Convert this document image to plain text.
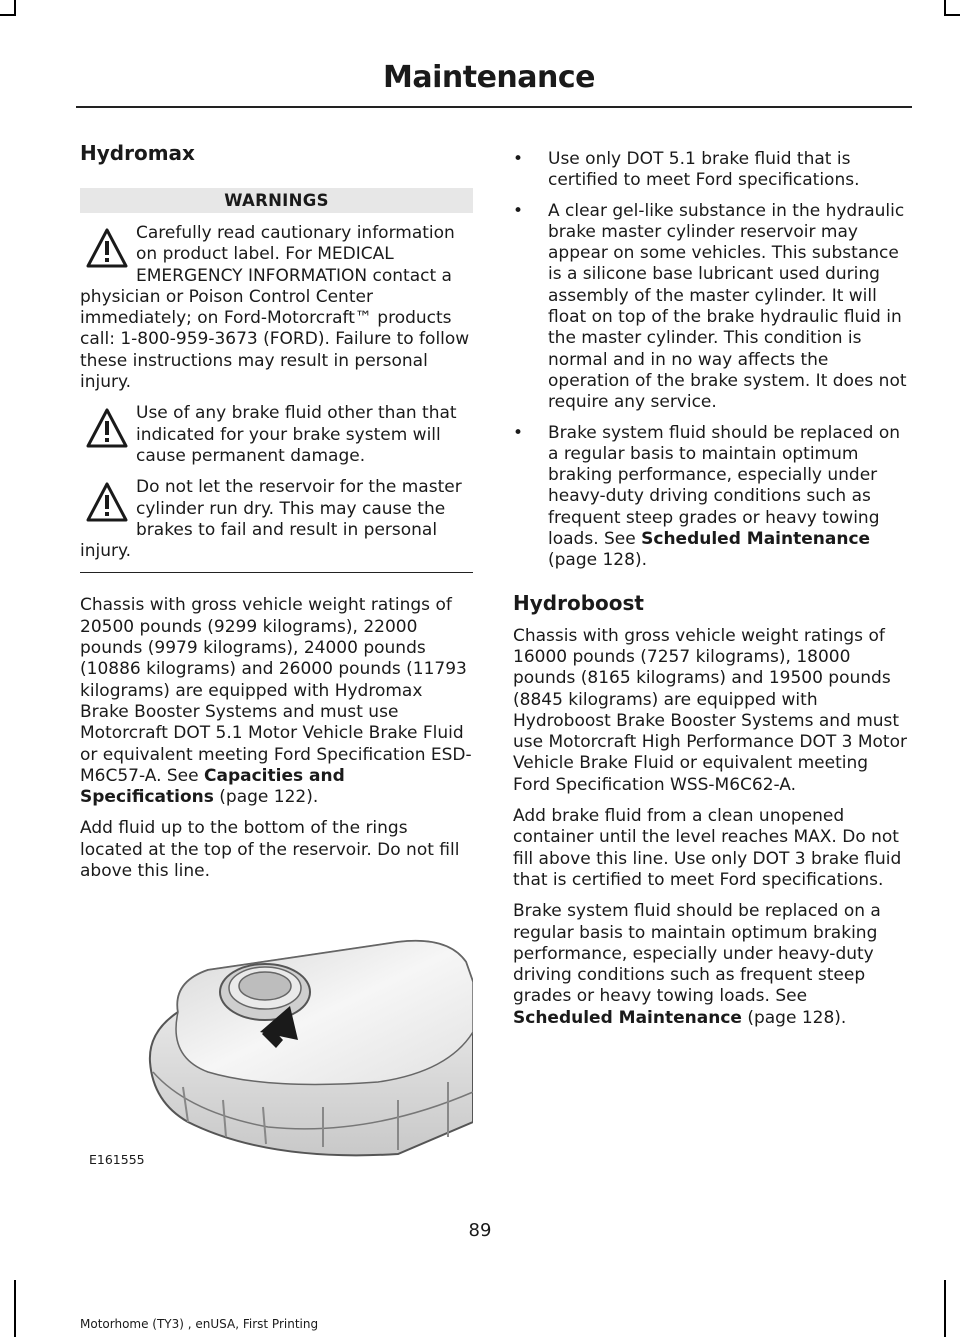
Maintenance
Hydromax
WARNINGS

Carefully read cautionary information on product label. For MEDICAL EMERGENCY INFORMATION contact a physician or Poison Control Center immediately; on Ford-Motorcraft™ products call: 1-800-959-3673 (FORD). Failure to follow these instructions may result in personal injury.

Use of any brake fluid other than that indicated for your brake system will cause permanent damage.

Do not let the reservoir for the master cylinder run dry. This may cause the brakes to fail and result in personal injury.

Chassis with gross vehicle weight ratings of 20500 pounds (9299 kilograms), 22000 pounds (9979 kilograms), 24000 pounds (10886 kilograms) and 26000 pounds (11793 kilograms) are equipped with Hydromax Brake Booster Systems and must use Motorcraft DOT 5.1 Motor Vehicle Brake Fluid or equivalent meeting Ford Specification ESD-M6C57-A. See Capacities and Specifications (page 122).

Add fluid up to the bottom of the rings located at the top of the reservoir. Do not fill above this line.

E161555
• Use only DOT 5.1 brake fluid that is certified to meet Ford specifications.
• A clear gel-like substance in the hydraulic brake master cylinder reservoir may appear on some vehicles. This substance is a silicone base lubricant used during assembly of the master cylinder. It will float on top of the brake hydraulic fluid in the master cylinder. This condition is normal and in no way affects the operation of the brake system. It does not require any service.
• Brake system fluid should be replaced on a regular basis to maintain optimum braking performance, especially under heavy-duty driving conditions such as frequent steep grades or heavy towing loads. See Scheduled Maintenance (page 128).
Hydroboost

Chassis with gross vehicle weight ratings of 16000 pounds (7257 kilograms), 18000 pounds (8165 kilograms) and 19500 pounds (8845 kilograms) are equipped with Hydroboost Brake Booster Systems and must use Motorcraft High Performance DOT 3 Motor Vehicle Brake Fluid or equivalent meeting Ford Specification WSS-M6C62-A.

Add brake fluid from a clean unopened container until the level reaches MAX. Do not fill above this line. Use only DOT 3 brake fluid that is certified to meet Ford specifications.

Brake system fluid should be replaced on a regular basis to maintain optimum braking performance, especially under heavy-duty driving conditions such as frequent steep grades or heavy towing loads. See Scheduled Maintenance (page 128).

89
Motorhome (TY3) , enUSA, First Printing
